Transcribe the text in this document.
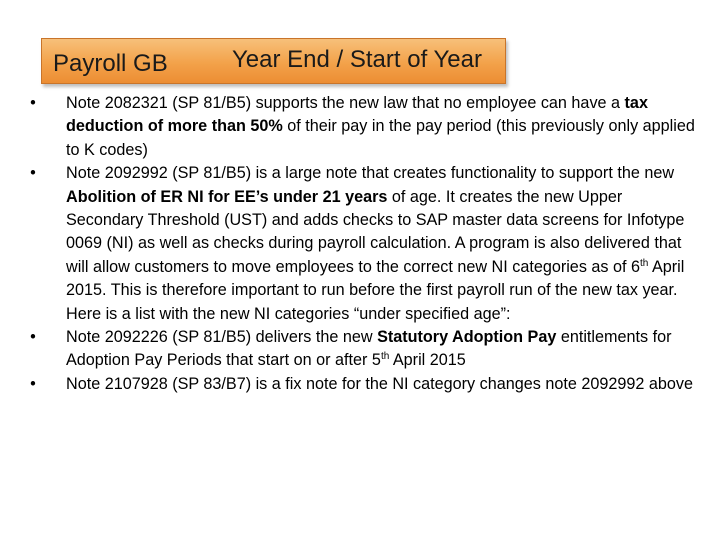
Payroll GB	Year End / Start of Year
• Note 2082321 (SP 81/B5) supports the new law that no employee can have a tax deduction of more than 50% of their pay in the pay period (this previously only applied to K codes)
• Note 2092992 (SP 81/B5) is a large note that creates functionality to support the new Abolition of ER NI for EE’s under 21 years of age. It creates the new Upper Secondary Threshold (UST) and adds checks to SAP master data screens for Infotype 0069 (NI) as well as checks during payroll calculation. A program is also delivered that will allow customers to move employees to the correct new NI categories as of 6th April 2015. This is therefore important to run before the first payroll run of the new tax year. Here is a list with the new NI categories “under specified age”:
• Note 2092226 (SP 81/B5) delivers the new Statutory Adoption Pay entitlements for Adoption Pay Periods that start on or after 5th April 2015
• Note 2107928 (SP 83/B7) is a fix note for the NI category changes note 2092992 above
